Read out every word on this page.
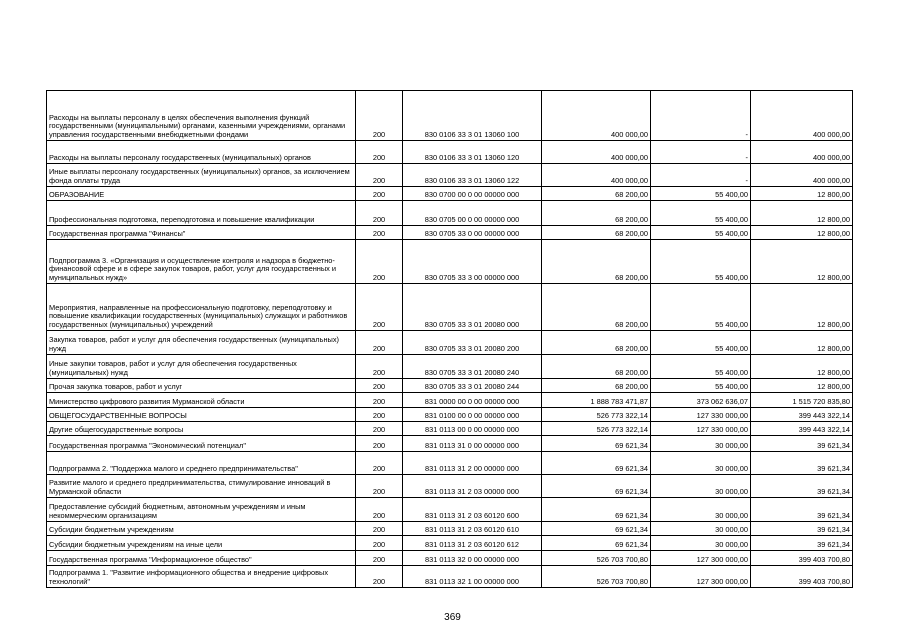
Расходы на выплаты персоналу в целях обеспечения выполнения функций государственными (муниципальными) органами, казенными учреждениями, органами управления государственными внебюджетными фондами	200	830 0106 33 3 01 13060 100	400 000,00	-	400 000,00
Расходы на выплаты персоналу государственных (муниципальных) органов	200	830 0106 33 3 01 13060 120	400 000,00	-	400 000,00
Иные выплаты персоналу государственных (муниципальных) органов, за исключением фонда оплаты труда	200	830 0106 33 3 01 13060 122	400 000,00	-	400 000,00
ОБРАЗОВАНИЕ	200	830 0700 00 0 00 00000 000	68 200,00	55 400,00	12 800,00
Профессиональная подготовка, переподготовка и повышение квалификации	200	830 0705 00 0 00 00000 000	68 200,00	55 400,00	12 800,00
Государственная программа "Финансы"	200	830 0705 33 0 00 00000 000	68 200,00	55 400,00	12 800,00
Подпрограмма 3. «Организация и осуществление контроля и надзора в бюджетно-финансовой сфере и в сфере закупок товаров, работ, услуг для государственных и муниципальных нужд»	200	830 0705 33 3 00 00000 000	68 200,00	55 400,00	12 800,00
Мероприятия, направленные на профессиональную подготовку, переподготовку и повышение квалификации государственных (муниципальных) служащих и работников государственных (муниципальных) учреждений	200	830 0705 33 3 01 20080 000	68 200,00	55 400,00	12 800,00
Закупка товаров, работ и услуг для обеспечения государственных (муниципальных) нужд	200	830 0705 33 3 01 20080 200	68 200,00	55 400,00	12 800,00
Иные закупки товаров, работ и услуг для обеспечения государственных (муниципальных) нужд	200	830 0705 33 3 01 20080 240	68 200,00	55 400,00	12 800,00
Прочая закупка товаров, работ и услуг	200	830 0705 33 3 01 20080 244	68 200,00	55 400,00	12 800,00
Министерство цифрового развития Мурманской области	200	831 0000 00 0 00 00000 000	1 888 783 471,87	373 062 636,07	1 515 720 835,80
ОБЩЕГОСУДАРСТВЕННЫЕ ВОПРОСЫ	200	831 0100 00 0 00 00000 000	526 773 322,14	127 330 000,00	399 443 322,14
Другие общегосударственные вопросы	200	831 0113 00 0 00 00000 000	526 773 322,14	127 330 000,00	399 443 322,14
Государственная программа "Экономический потенциал"	200	831 0113 31 0 00 00000 000	69 621,34	30 000,00	39 621,34
Подпрограмма 2. "Поддержка малого и среднего предпринимательства"	200	831 0113 31 2 00 00000 000	69 621,34	30 000,00	39 621,34
Развитие малого и среднего предпринимательства, стимулирование инноваций в Мурманской области	200	831 0113 31 2 03 00000 000	69 621,34	30 000,00	39 621,34
Предоставление субсидий бюджетным, автономным учреждениям и иным некоммерческим организациям	200	831 0113 31 2 03 60120 600	69 621,34	30 000,00	39 621,34
Субсидии бюджетным учреждениям	200	831 0113 31 2 03 60120 610	69 621,34	30 000,00	39 621,34
Субсидии бюджетным учреждениям на иные цели	200	831 0113 31 2 03 60120 612	69 621,34	30 000,00	39 621,34
Государственная программа "Информационное общество"	200	831 0113 32 0 00 00000 000	526 703 700,80	127 300 000,00	399 403 700,80
Подпрограмма 1. "Развитие информационного общества и внедрение цифровых технологий"	200	831 0113 32 1 00 00000 000	526 703 700,80	127 300 000,00	399 403 700,80
369
